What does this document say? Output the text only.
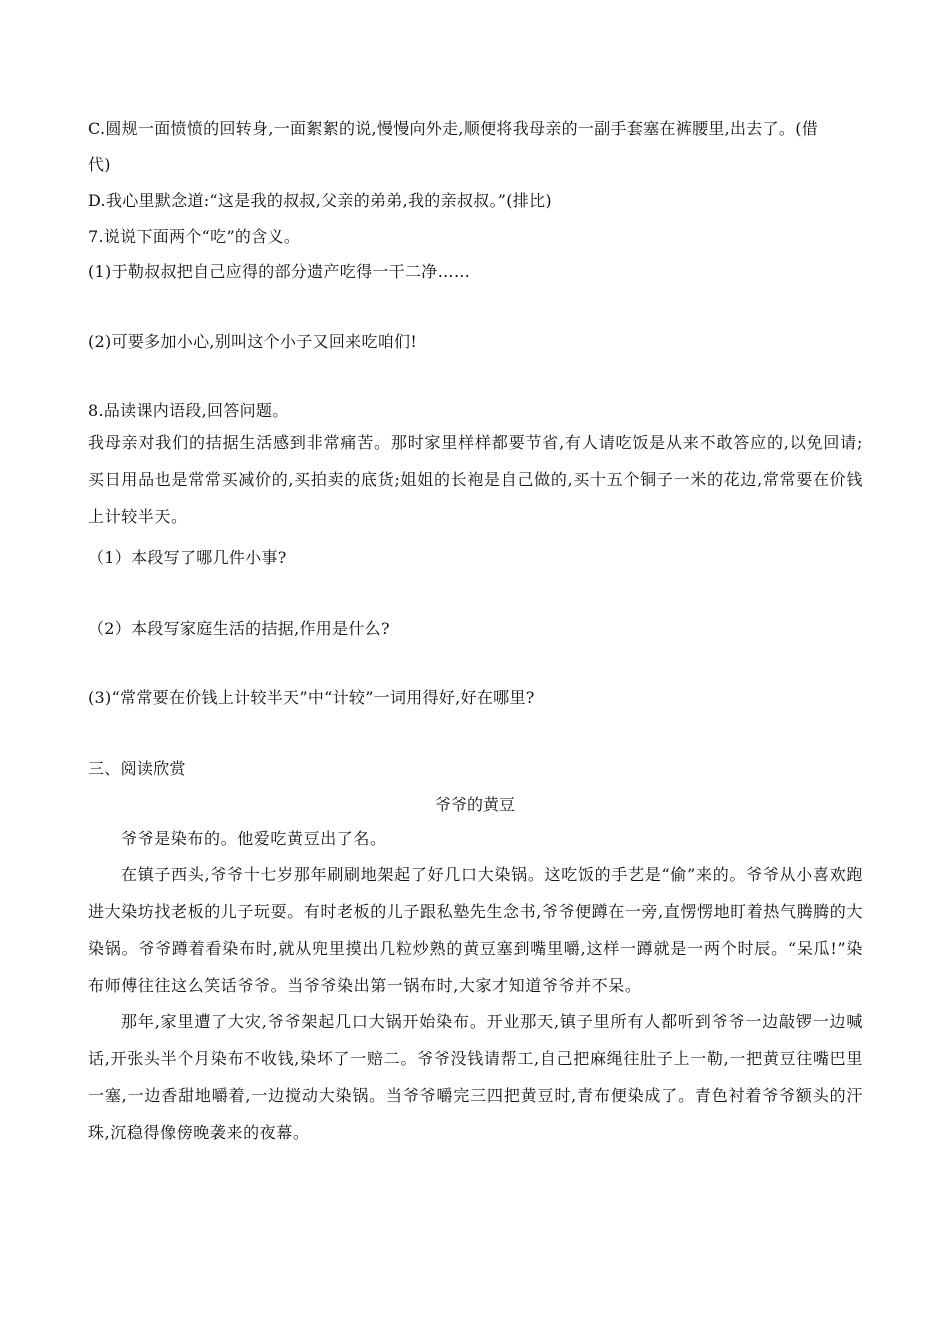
C.圆规一面愤愤的回转身,一面絮絮的说,慢慢向外走,顺便将我母亲的一副手套塞在裤腰里,出去了。(借
代)
D.我心里默念道:“这是我的叔叔,父亲的弟弟,我的亲叔叔。”(排比)
7.说说下面两个“吃”的含义。
(1)于勒叔叔把自己应得的部分遗产吃得一干二净……
(2)可要多加小心,别叫这个小子又回来吃咱们!
8.品读课内语段,回答问题。
我母亲对我们的拮据生活感到非常痛苦。那时家里样样都要节省,有人请吃饭是从来不敢答应的,以免回请;买日用品也是常常买减价的,买拍卖的底货;姐姐的长袍是自己做的,买十五个铜子一米的花边,常常要在价钱上计较半天。
（1）本段写了哪几件小事?
（2）本段写家庭生活的拮据,作用是什么?
(3)“常常要在价钱上计较半天”中“计较”一词用得好,好在哪里?
三、阅读欣赏
爷爷的黄豆
爷爷是染布的。他爱吃黄豆出了名。
在镇子西头,爷爷十七岁那年刷刷地架起了好几口大染锅。这吃饭的手艺是“偷”来的。爷爷从小喜欢跑进大染坊找老板的儿子玩耍。有时老板的儿子跟私塾先生念书,爷爷便蹲在一旁,直愣愣地盯着热气腾腾的大染锅。爷爷蹲着看染布时,就从兜里摸出几粒炒熟的黄豆塞到嘴里嚼,这样一蹲就是一两个时辰。“呆瓜!”染布师傅往往这么笑话爷爷。当爷爷染出第一锅布时,大家才知道爷爷并不呆。
那年,家里遭了大灾,爷爷架起几口大锅开始染布。开业那天,镇子里所有人都听到爷爷一边敲锣一边喊话,开张头半个月染布不收钱,染坏了一赔二。爷爷没钱请帮工,自己把麻绳往肚子上一勒,一把黄豆往嘴巴里一塞,一边香甜地嚼着,一边搅动大染锅。当爷爷嚼完三四把黄豆时,青布便染成了。青色衬着爷爷额头的汗珠,沉稳得像傍晚袭来的夜幕。
